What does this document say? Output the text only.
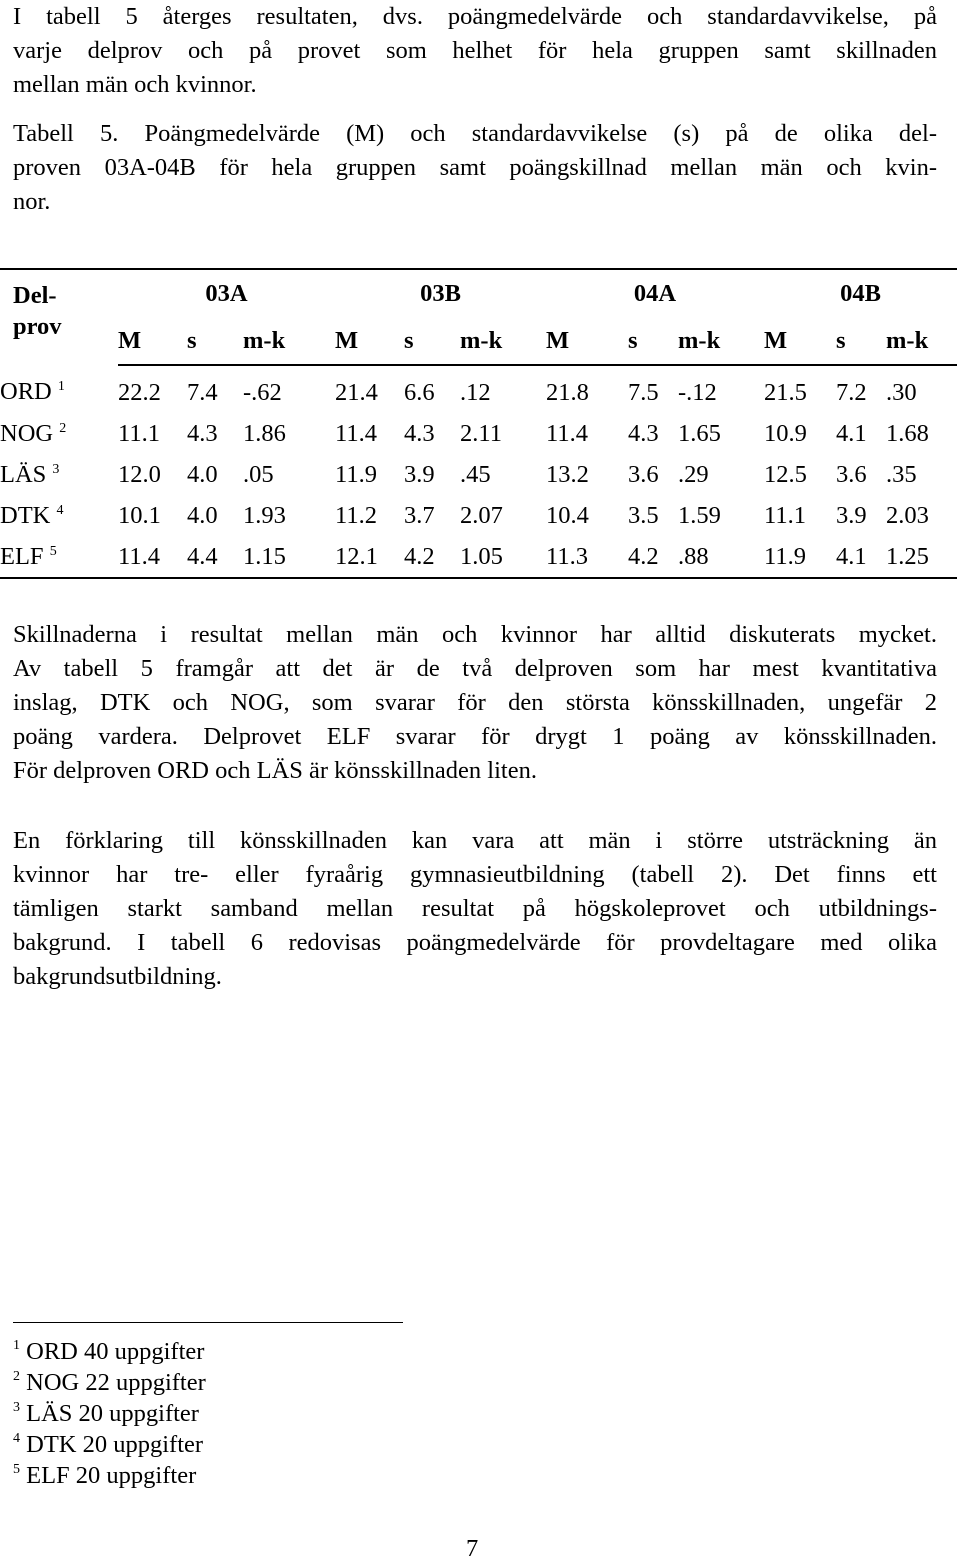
I tabell 5 återges resultaten, dvs. poängmedelvärde och standardavvikelse, på
varje delprov och på provet som helhet för hela gruppen samt skillnaden
mellan män och kvinnor.
Tabell 5. Poängmedelvärde (M) och standardavvikelse (s) på de olika del-
proven 03A-04B för hela gruppen samt poängskillnad mellan män och kvin-
nor.
Del-
prov	03A			03B			04A			04B		
	M	s	m-k	M	s	m-k	M	s	m-k	M	s	m-k
ORD $^1$	22.2	7.4	-.62	21.4	6.6	.12	21.8	7.5	-.12	21.5	7.2	.30
NOG $^2$	11.1	4.3	1.86	11.4	4.3	2.11	11.4	4.3	1.65	10.9	4.1	1.68
LÄS $^3$	12.0	4.0	.05	11.9	3.9	.45	13.2	3.6	.29	12.5	3.6	.35
DTK $^4$	10.1	4.0	1.93	11.2	3.7	2.07	10.4	3.5	1.59	11.1	3.9	2.03
ELF $^5$	11.4	4.4	1.15	12.1	4.2	1.05	11.3	4.2	.88	11.9	4.1	1.25
Skillnaderna i resultat mellan män och kvinnor har alltid diskuterats mycket.
Av tabell 5 framgår att det är de två delproven som har mest kvantitativa
inslag, DTK och NOG, som svarar för den största könsskillnaden, ungefär 2
poäng vardera. Delprovet ELF svarar för drygt 1 poäng av könsskillnaden.
För delproven ORD och LÄS är könsskillnaden liten.
En förklaring till könsskillnaden kan vara att män i större utsträckning än
kvinnor har tre- eller fyraårig gymnasieutbildning (tabell 2). Det finns ett
tämligen starkt samband mellan resultat på högskoleprovet och utbildnings-
bakgrund. I tabell 6 redovisas poängmedelvärde för provdeltagare med olika
bakgrundsutbildning.
$^1$ ORD 40 uppgifter
$^2$ NOG 22 uppgifter
$^3$ LÄS 20 uppgifter
$^4$ DTK 20 uppgifter
$^5$ ELF 20 uppgifter
7
